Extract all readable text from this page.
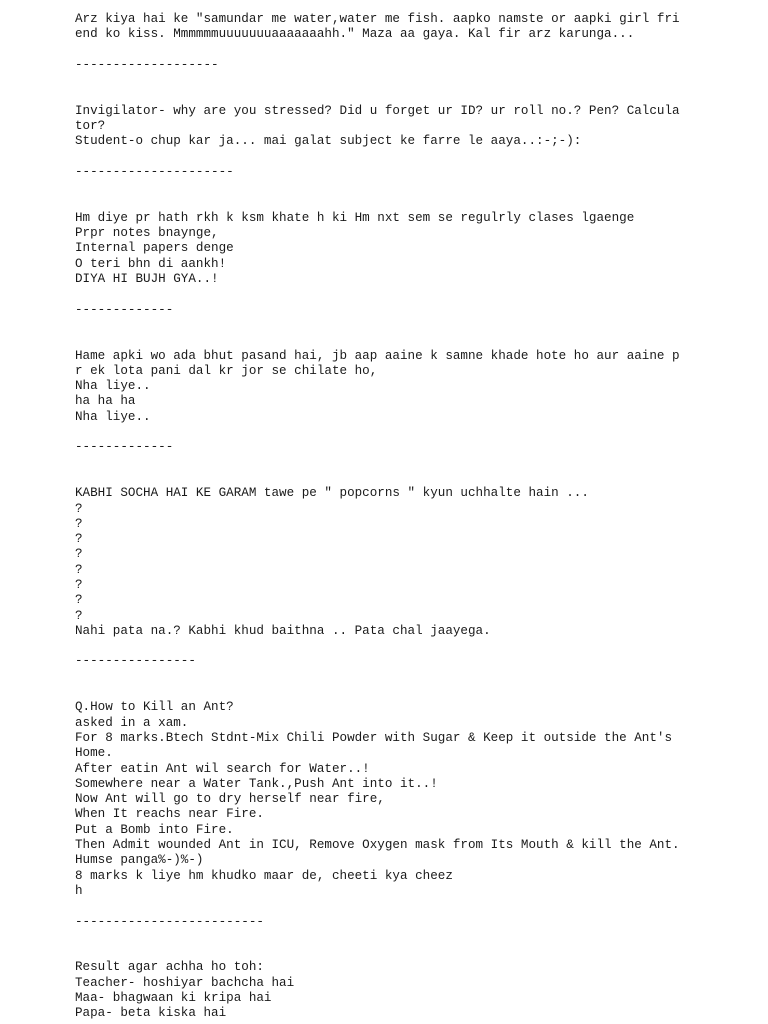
Arz kiya hai ke "samundar me water,water me fish. aapko namste or aapki girl fri
end ko kiss. Mmmmmmuuuuuuuaaaaaaahh." Maza aa gaya. Kal fir arz karunga...
-------------------
Invigilator- why are you stressed? Did u forget ur ID? ur roll no.? Pen? Calcula
tor?
Student-o chup kar ja... mai galat subject ke farre le aaya..:-;-):
---------------------
Hm diye pr hath rkh k ksm khate h ki Hm nxt sem se regulrly clases lgaenge
Prpr notes bnaynge,
Internal papers denge
O teri bhn di aankh!
DIYA HI BUJH GYA..!
-------------
Hame apki wo ada bhut pasand hai, jb aap aaine k samne khade hote ho aur aaine p
r ek lota pani dal kr jor se chilate ho,
Nha liye..
ha ha ha
Nha liye..
-------------
KABHI SOCHA HAI KE GARAM tawe pe " popcorns " kyun uchhalte hain ...
?
?
?
?
?
?
?
?
Nahi pata na.? Kabhi khud baithna .. Pata chal jaayega.
----------------
Q.How to Kill an Ant?
asked in a xam.
For 8 marks.Btech Stdnt-Mix Chili Powder with Sugar & Keep it outside the Ant's
Home.
After eatin Ant wil search for Water..!
Somewhere near a Water Tank.,Push Ant into it..!
Now Ant will go to dry herself near fire,
When It reachs near Fire.
Put a Bomb into Fire.
Then Admit wounded Ant in ICU, Remove Oxygen mask from Its Mouth & kill the Ant.
Humse panga%-)%-)
8 marks k liye hm khudko maar de, cheeti kya cheez
h
-------------------------
Result agar achha ho toh:
Teacher- hoshiyar bachcha hai
Maa- bhagwaan ki kripa hai
Papa- beta kiska hai
